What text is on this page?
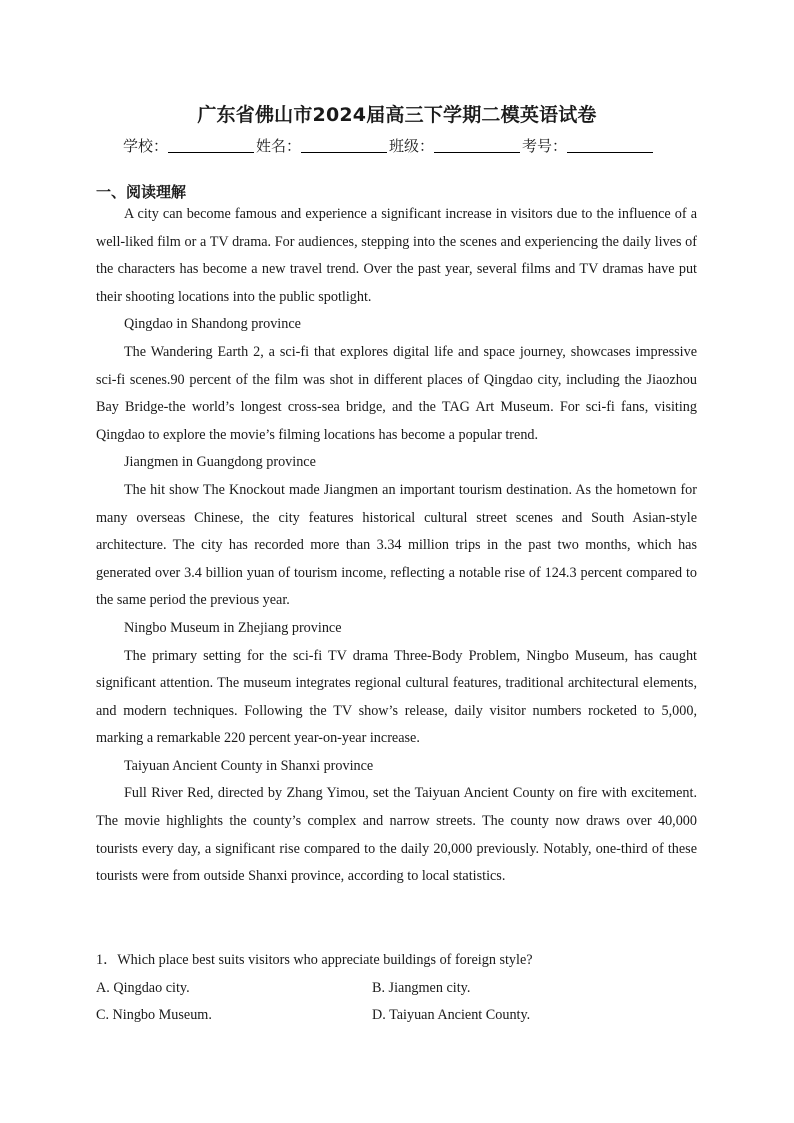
广东省佛山市2024届高三下学期二模英语试卷
学校：	姓名：	班级：	考号：
一、阅读理解

A city can become famous and experience a significant increase in visitors due to the influence of a well-liked film or a TV drama. For audiences, stepping into the scenes and experiencing the daily lives of the characters has become a new travel trend. Over the past year, several films and TV dramas have put their shooting locations into the public spotlight.

Qingdao in Shandong province

The Wandering Earth 2, a sci-fi that explores digital life and space journey, showcases impressive sci-fi scenes.90 percent of the film was shot in different places of Qingdao city, including the Jiaozhou Bay Bridge-the world’s longest cross-sea bridge, and the TAG Art Museum. For sci-fi fans, visiting Qingdao to explore the movie’s filming locations has become a popular trend.

Jiangmen in Guangdong province

The hit show The Knockout made Jiangmen an important tourism destination. As the hometown for many overseas Chinese, the city features historical cultural street scenes and South Asian-style architecture. The city has recorded more than 3.34 million trips in the past two months, which has generated over 3.4 billion yuan of tourism income, reflecting a notable rise of 124.3 percent compared to the same period the previous year.

Ningbo Museum in Zhejiang province

The primary setting for the sci-fi TV drama Three-Body Problem, Ningbo Museum, has caught significant attention. The museum integrates regional cultural features, traditional architectural elements, and modern techniques. Following the TV show’s release, daily visitor numbers rocketed to 5,000, marking a remarkable 220 percent year-on-year increase.

Taiyuan Ancient County in Shanxi province

Full River Red, directed by Zhang Yimou, set the Taiyuan Ancient County on fire with excitement. The movie highlights the county’s complex and narrow streets. The county now draws over 40,000 tourists every day, a significant rise compared to the daily 20,000 previously. Notably, one-third of these tourists were from outside Shanxi province, according to local statistics.

1．Which place best suits visitors who appreciate buildings of foreign style?
A. Qingdao city.	B. Jiangmen city.
C. Ningbo Museum.	D. Taiyuan Ancient County.
